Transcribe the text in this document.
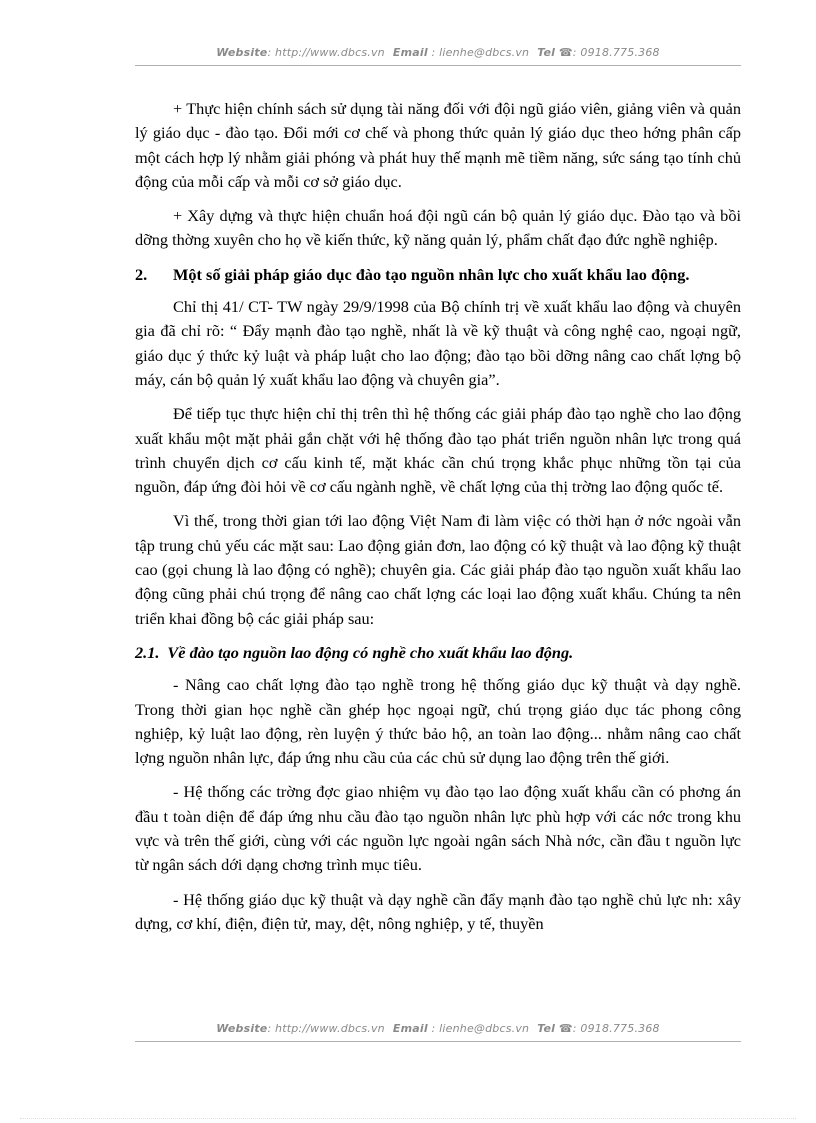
Website: http://www.dbcs.vn Email : lienhe@dbcs.vn Tel ☎: 0918.775.368

+ Thực hiện chính sách sử dụng tài năng đối với đội ngũ giáo viên, giảng viên và quản lý giáo dục - đào tạo. Đổi mới cơ chế và phong thức quản lý giáo dục theo hớng phân cấp một cách hợp lý nhằm giải phóng và phát huy thế mạnh mẽ tiềm năng, sức sáng tạo tính chủ động của mỗi cấp và mỗi cơ sở giáo dục.

+ Xây dựng và thực hiện chuẩn hoá đội ngũ cán bộ quản lý giáo dục. Đào tạo và bồi dỡng thờng xuyên cho họ về kiến thức, kỹ năng quản lý, phẩm chất đạo đức nghề nghiệp.

2.	Một số giải pháp giáo dục đào tạo nguồn nhân lực cho xuất khẩu lao động.

Chỉ thị 41/ CT- TW ngày 29/9/1998 của Bộ chính trị về xuất khẩu lao động và chuyên gia đã chỉ rõ: “ Đẩy mạnh đào tạo nghề, nhất là về kỹ thuật và công nghệ cao, ngoại ngữ, giáo dục ý thức kỷ luật và pháp luật cho lao động; đào tạo bồi dỡng nâng cao chất lợng bộ máy, cán bộ quản lý xuất khẩu lao động và chuyên gia”.

Để tiếp tục thực hiện chỉ thị trên thì hệ thống các giải pháp đào tạo nghề cho lao động xuất khẩu một mặt phải gắn chặt với hệ thống đào tạo phát triển nguồn nhân lực trong quá trình chuyển dịch cơ cấu kinh tế, mặt khác cần chú trọng khắc phục những tồn tại của nguồn, đáp ứng đòi hỏi về cơ cấu ngành nghề, về chất lợng của thị trờng lao động quốc tế.

Vì thế, trong thời gian tới lao động Việt Nam đi làm việc có thời hạn ở nớc ngoài vẫn tập trung chủ yếu các mặt sau: Lao động giản đơn, lao động có kỹ thuật và lao động kỹ thuật cao (gọi chung là lao động có nghề); chuyên gia. Các giải pháp đào tạo nguồn xuất khẩu lao động cũng phải chú trọng để nâng cao chất lợng các loại lao động xuất khẩu. Chúng ta nên triển khai đồng bộ các giải pháp sau:

2.1. Về đào tạo nguồn lao động có nghề cho xuất khẩu lao động.

- Nâng cao chất lợng đào tạo nghề trong hệ thống giáo dục kỹ thuật và dạy nghề. Trong thời gian học nghề cần ghép học ngoại ngữ, chú trọng giáo dục tác phong công nghiệp, kỷ luật lao động, rèn luyện ý thức bảo hộ, an toàn lao động... nhằm nâng cao chất lợng nguồn nhân lực, đáp ứng nhu cầu của các chủ sử dụng lao động trên thế giới.

- Hệ thống các trờng đợc giao nhiệm vụ đào tạo lao động xuất khẩu cần có phơng án đầu t toàn diện để đáp ứng nhu cầu đào tạo nguồn nhân lực phù hợp với các nớc trong khu vực và trên thế giới, cùng với các nguồn lực ngoài ngân sách Nhà nớc, cần đầu t nguồn lực từ ngân sách dới dạng chơng trình mục tiêu.

- Hệ thống giáo dục kỹ thuật và dạy nghề cần đẩy mạnh đào tạo nghề chủ lực nh: xây dựng, cơ khí, điện, điện tử, may, dệt, nông nghiệp, y tế, thuyền

Website: http://www.dbcs.vn Email : lienhe@dbcs.vn Tel ☎: 0918.775.368
